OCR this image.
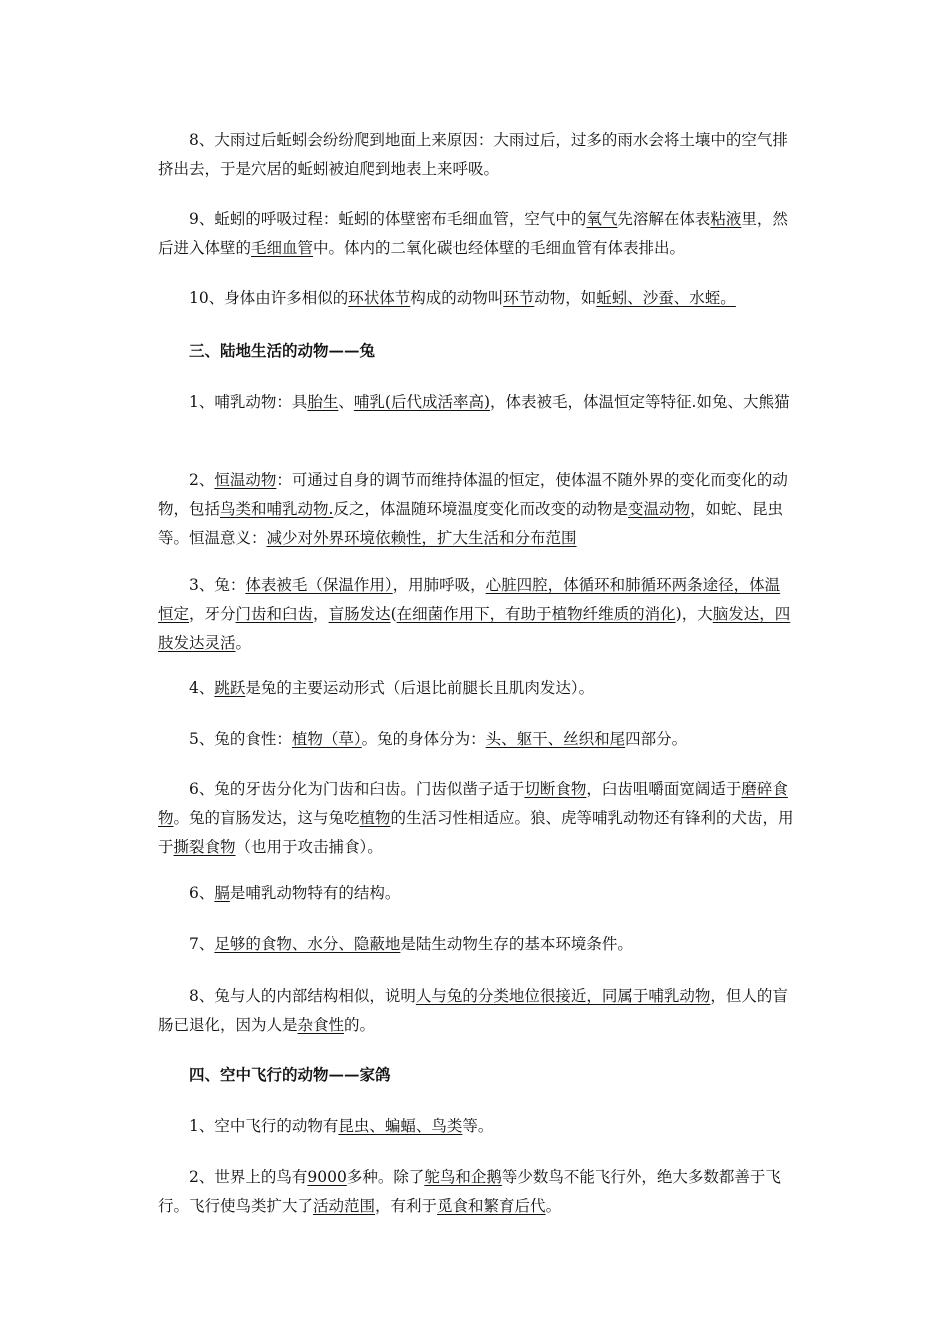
8、大雨过后蚯蚓会纷纷爬到地面上来原因：大雨过后，过多的雨水会将土壤中的空气排挤出去，于是穴居的蚯蚓被迫爬到地表上来呼吸。

9、蚯蚓的呼吸过程：蚯蚓的体壁密布毛细血管，空气中的氧气先溶解在体表粘液里，然后进入体壁的毛细血管中。体内的二氧化碳也经体壁的毛细血管有体表排出。

10、身体由许多相似的环状体节构成的动物叫环节动物，如蚯蚓、沙蚕、水蛭。

三、陆地生活的动物——兔

1、哺乳动物：具胎生、哺乳(后代成活率高)，体表被毛，体温恒定等特征.如兔、大熊猫

2、恒温动物：可通过自身的调节而维持体温的恒定，使体温不随外界的变化而变化的动物，包括鸟类和哺乳动物.反之，体温随环境温度变化而改变的动物是变温动物，如蛇、昆虫等。恒温意义：减少对外界环境依赖性，扩大生活和分布范围

3、兔：体表被毛（保温作用），用肺呼吸，心脏四腔，体循环和肺循环两条途径，体温恒定，牙分门齿和臼齿，盲肠发达(在细菌作用下，有助于植物纤维质的消化)，大脑发达，四肢发达灵活。

4、跳跃是兔的主要运动形式（后退比前腿长且肌肉发达）。

5、兔的食性：植物（草）。兔的身体分为：头、躯干、丝织和尾四部分。

6、兔的牙齿分化为门齿和臼齿。门齿似凿子适于切断食物，臼齿咀嚼面宽阔适于磨碎食物。兔的盲肠发达，这与兔吃植物的生活习性相适应。狼、虎等哺乳动物还有锋利的犬齿，用于撕裂食物（也用于攻击捕食）。

6、膈是哺乳动物特有的结构。

7、足够的食物、水分、隐蔽地是陆生动物生存的基本环境条件。

8、兔与人的内部结构相似，说明人与兔的分类地位很接近，同属于哺乳动物，但人的盲肠已退化，因为人是杂食性的。

四、空中飞行的动物——家鸽

1、空中飞行的动物有昆虫、蝙蝠、鸟类等。

2、世界上的鸟有9000多种。除了鸵鸟和企鹅等少数鸟不能飞行外，绝大多数都善于飞行。飞行使鸟类扩大了活动范围，有利于觅食和繁育后代。
